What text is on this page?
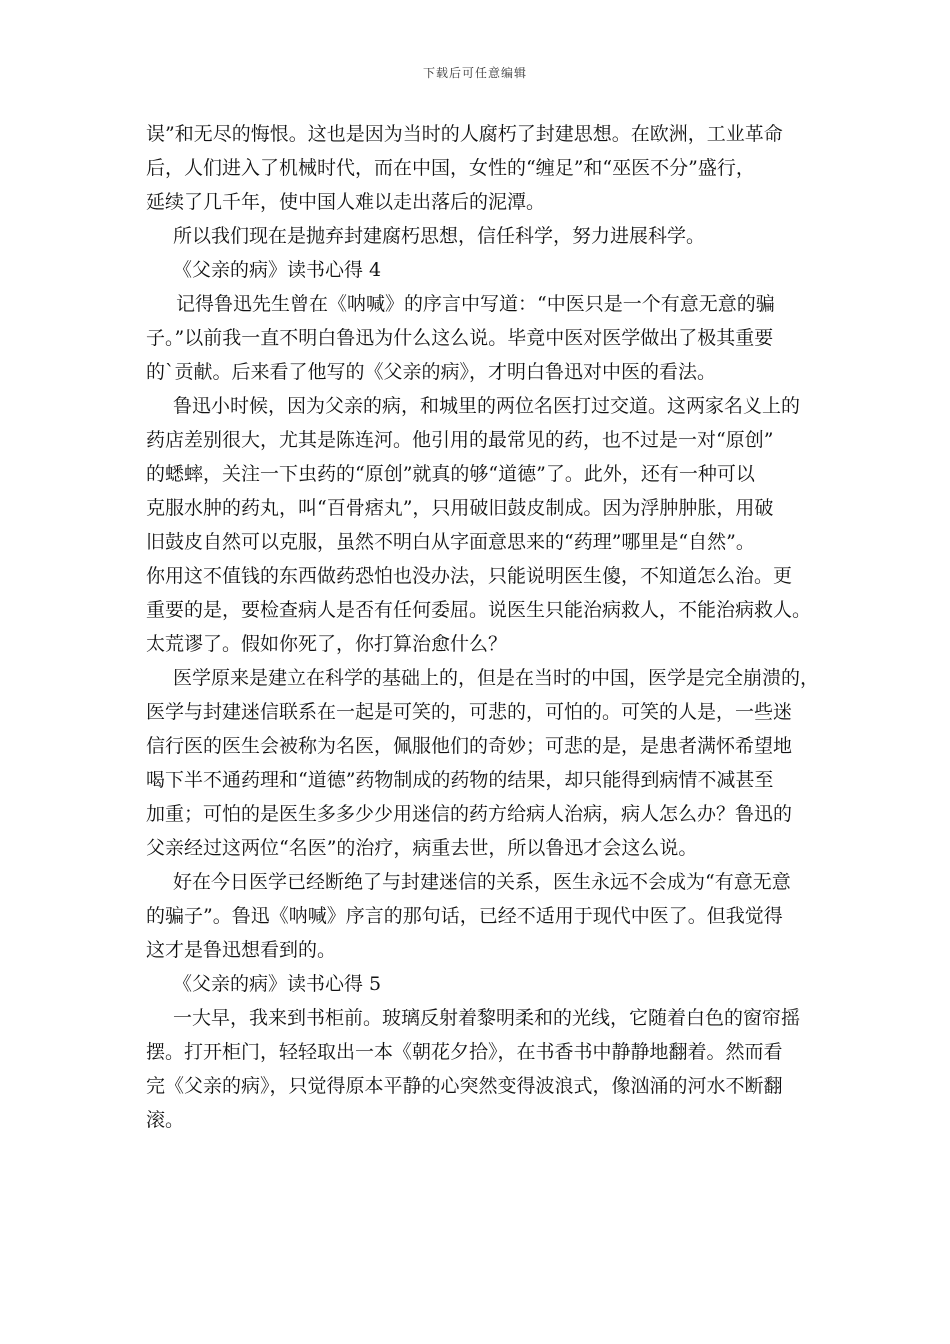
下载后可任意编辑
误”和无尽的悔恨。这也是因为当时的人腐朽了封建思想。在欧洲，工业革命
后，人们进入了机械时代，而在中国，女性的“缠足”和“巫医不分”盛行，
延续了几千年，使中国人难以走出落后的泥潭。
所以我们现在是抛弃封建腐朽思想，信任科学，努力进展科学。
《父亲的病》读书心得 4
记得鲁迅先生曾在《呐喊》的序言中写道：“中医只是一个有意无意的骗
子。”以前我一直不明白鲁迅为什么这么说。毕竟中医对医学做出了极其重要
的`贡献。后来看了他写的《父亲的病》，才明白鲁迅对中医的看法。
鲁迅小时候，因为父亲的病，和城里的两位名医打过交道。这两家名义上的
药店差别很大，尤其是陈连河。他引用的最常见的药，也不过是一对“原创”
的蟋蟀，关注一下虫药的“原创”就真的够“道德”了。此外，还有一种可以
克服水肿的药丸，叫“百骨痞丸”，只用破旧鼓皮制成。因为浮肿肿胀，用破
旧鼓皮自然可以克服，虽然不明白从字面意思来的“药理”哪里是“自然”。
你用这不值钱的东西做药恐怕也没办法，只能说明医生傻，不知道怎么治。更
重要的是，要检查病人是否有任何委屈。说医生只能治病救人，不能治病救人。
太荒谬了。假如你死了，你打算治愈什么？
医学原来是建立在科学的基础上的，但是在当时的中国，医学是完全崩溃的，
医学与封建迷信联系在一起是可笑的，可悲的，可怕的。可笑的人是，一些迷
信行医的医生会被称为名医，佩服他们的奇妙；可悲的是，是患者满怀希望地
喝下半不通药理和“道德”药物制成的药物的结果，却只能得到病情不减甚至
加重；可怕的是医生多多少少用迷信的药方给病人治病，病人怎么办？鲁迅的
父亲经过这两位“名医”的治疗，病重去世，所以鲁迅才会这么说。
好在今日医学已经断绝了与封建迷信的关系，医生永远不会成为“有意无意
的骗子”。鲁迅《呐喊》序言的那句话，已经不适用于现代中医了。但我觉得
这才是鲁迅想看到的。
《父亲的病》读书心得 5
一大早，我来到书柜前。玻璃反射着黎明柔和的光线，它随着白色的窗帘摇
摆。打开柜门，轻轻取出一本《朝花夕拾》，在书香书中静静地翻着。然而看
完《父亲的病》，只觉得原本平静的心突然变得波浪式，像汹涌的河水不断翻
滚。
